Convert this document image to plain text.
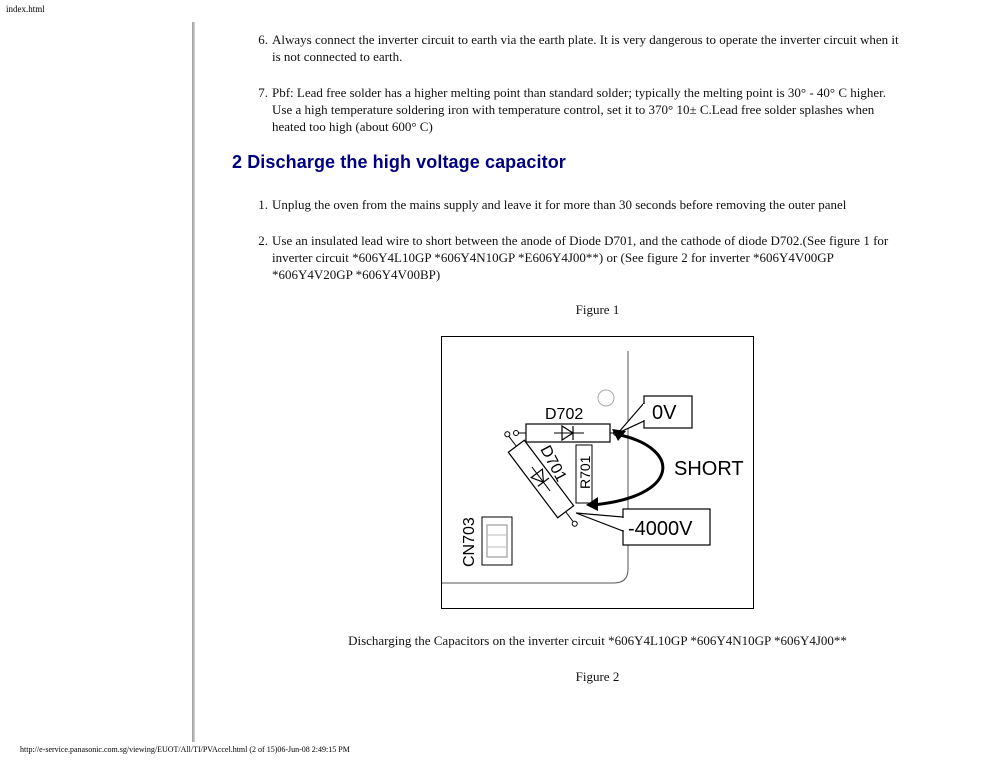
index.html
6. Always connect the inverter circuit to earth via the earth plate. It is very dangerous to operate the inverter circuit when it
is not connected to earth.
7. Pbf: Lead free solder has a higher melting point than standard solder; typically the melting point is 30° - 40° C higher.
Use a high temperature soldering iron with temperature control, set it to 370° 10± C.Lead free solder splashes when
heated too high (about 600° C)
2 Discharge the high voltage capacitor
1. Unplug the oven from the mains supply and leave it for more than 30 seconds before removing the outer panel
2. Use an insulated lead wire to short between the anode of Diode D701, and the cathode of diode D702.(See figure 1 for
inverter circuit *606Y4L10GP *606Y4N10GP *E606Y4J00**) or (See figure 2 for inverter *606Y4V00GP
*606Y4V20GP *606Y4V00BP)
Figure 1
D702
D701 R701
CN703
0V
-4000V
SHORT
Discharging the Capacitors on the inverter circuit *606Y4L10GP *606Y4N10GP *606Y4J00**
Figure 2
http://e-service.panasonic.com.sg/viewing/EUOT/All/TI/PVAccel.html (2 of 15)06-Jun-08 2:49:15 PM
